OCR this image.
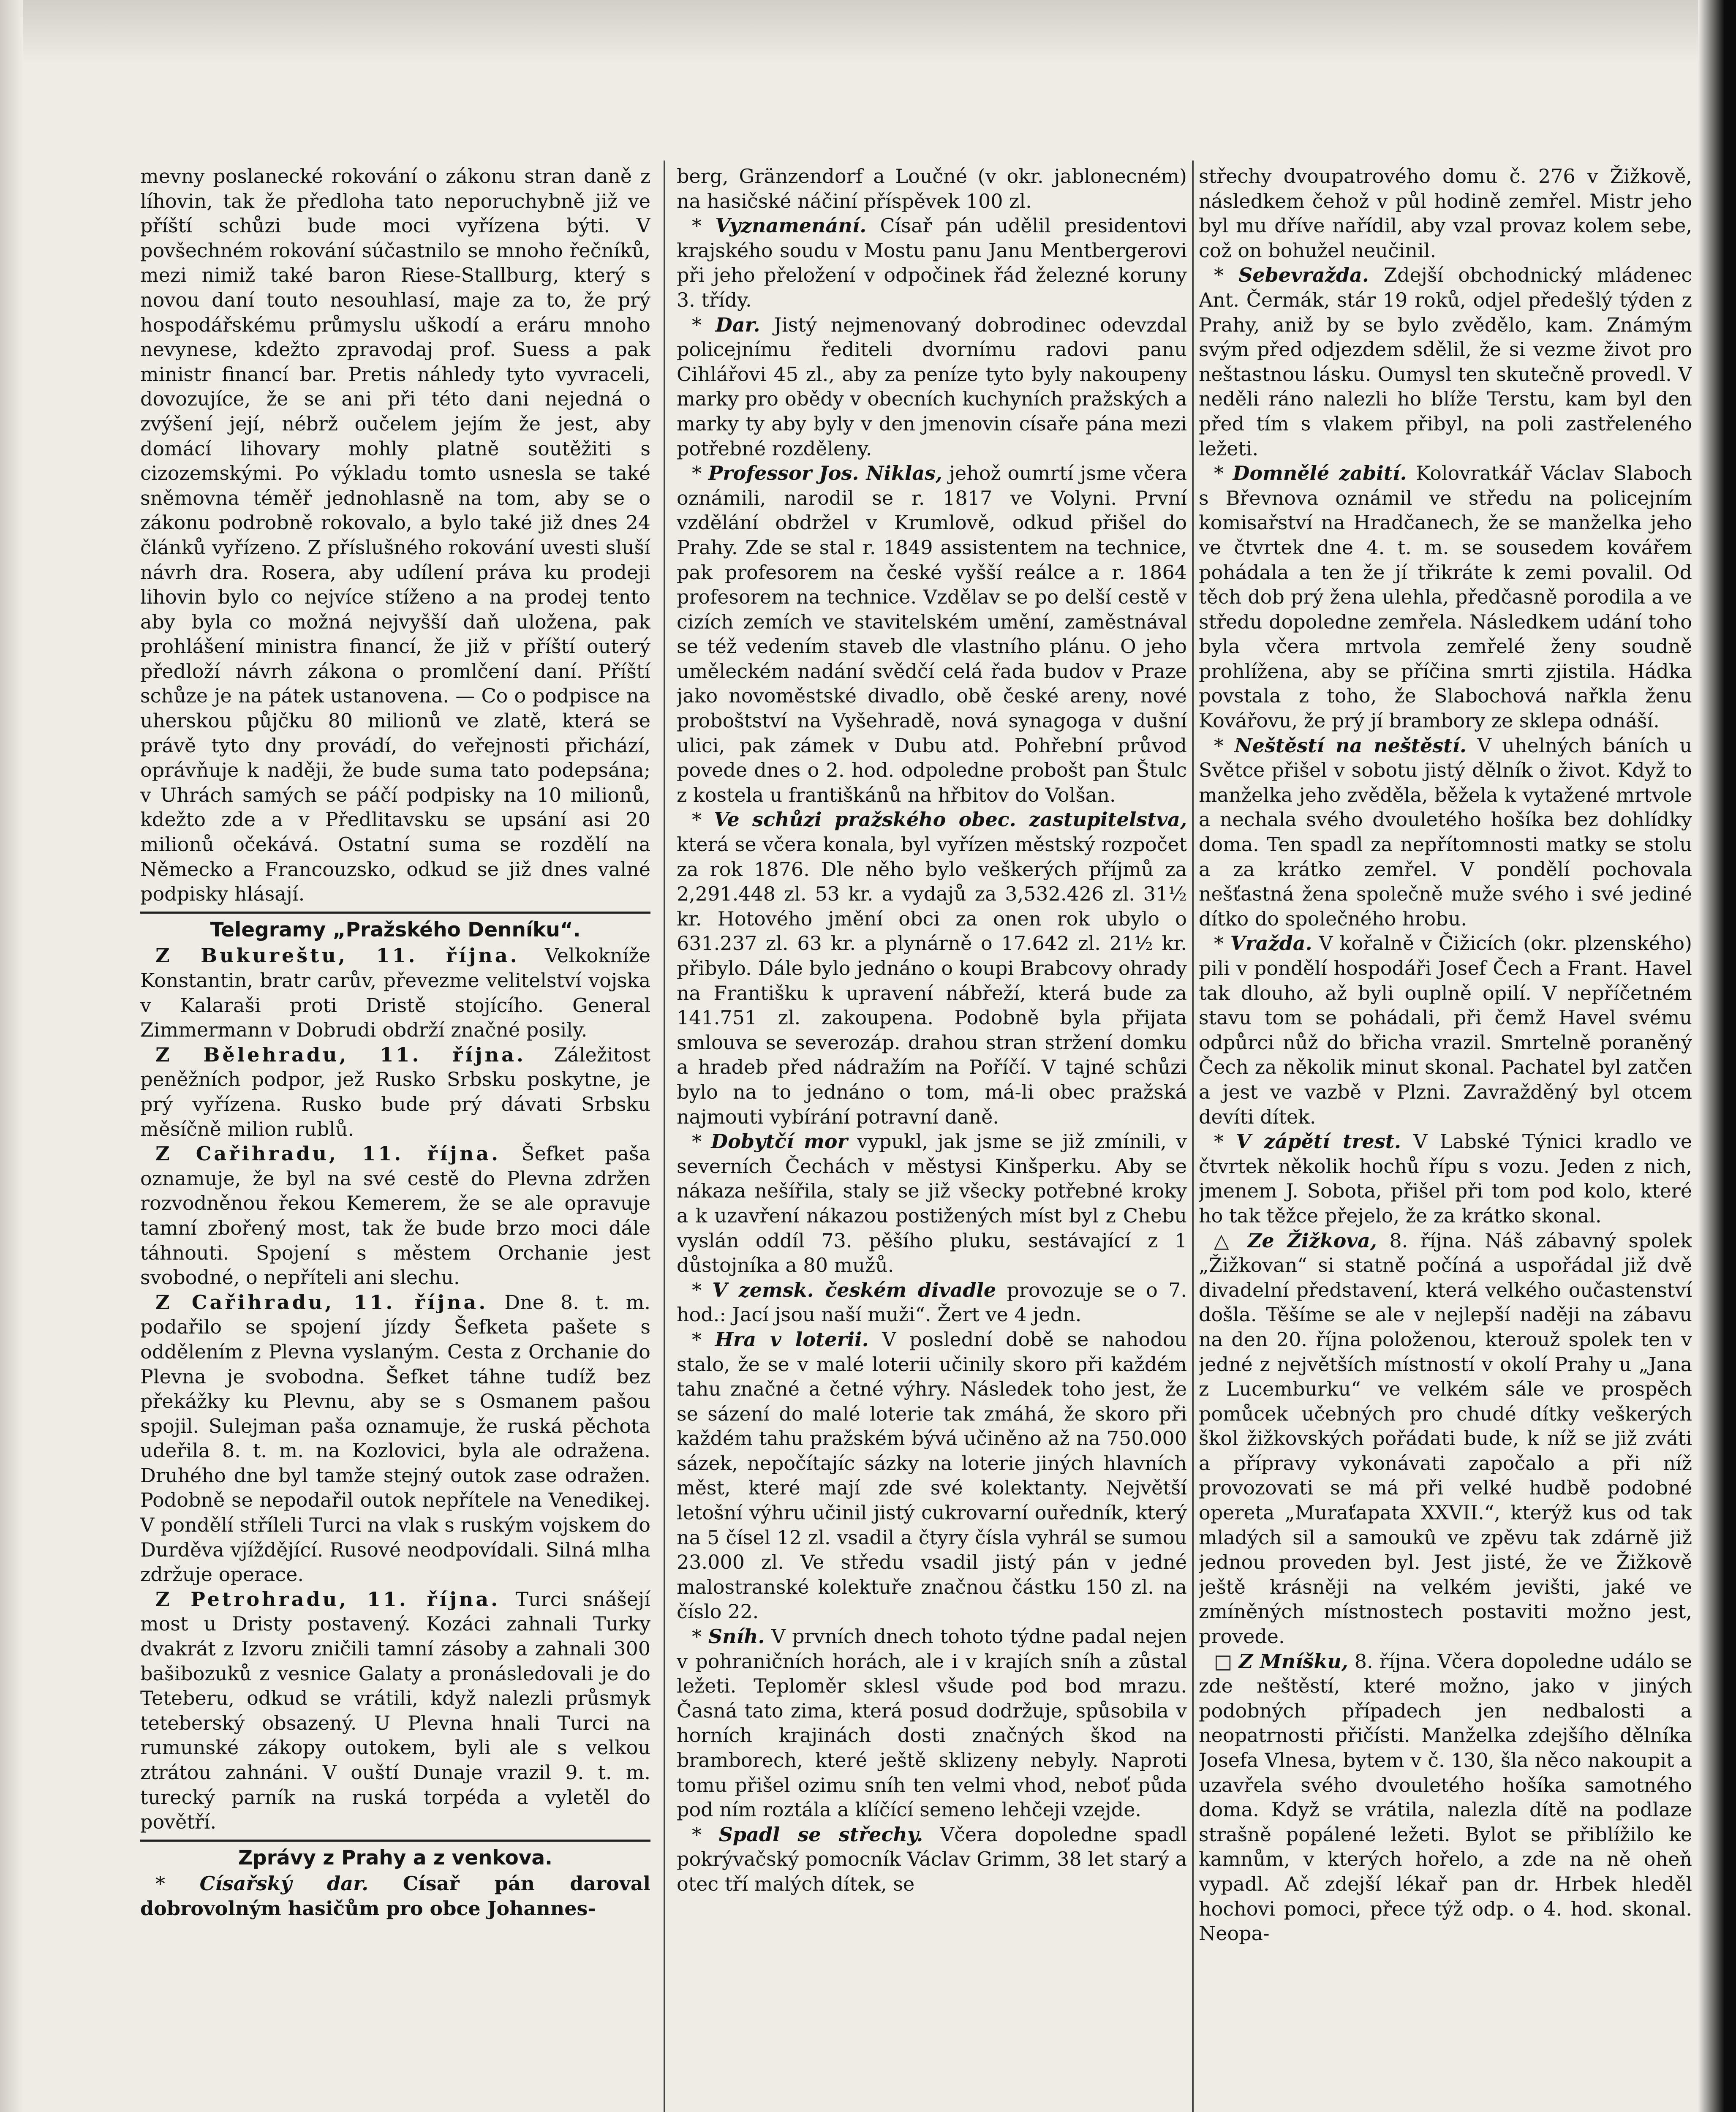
mevny poslanecké rokování o zákonu stran daně z líhovin, tak že předloha tato neporuchybně již ve příští schůzi bude moci vyřízena býti. V povšechném rokování súčastnilo se mnoho řečníků, mezi nimiž také baron Riese-Stallburg, který s novou daní touto nesouhlasí, maje za to, že prý hospodářskému průmyslu uškodí a eráru mnoho nevynese, kdežto zpravodaj prof. Suess a pak ministr financí bar. Pretis náhledy tyto vyvraceli, dovozujíce, že se ani při této dani nejedná o zvýšení její, nébrž oučelem jejím že jest, aby domácí lihovary mohly platně soutěžiti s cizozemskými. Po výkladu tomto usnesla se také sněmovna téměř jednohlasně na tom, aby se o zákonu podrobně rokovalo, a bylo také již dnes 24 článků vyřízeno. Z příslušného rokování uvesti sluší návrh dra. Rosera, aby udílení práva ku prodeji lihovin bylo co nejvíce stíženo a na prodej tento aby byla co možná nejvyšší daň uložena, pak prohlášení ministra financí, že již v příští outerý předloží návrh zákona o promlčení daní. Příští schůze je na pátek ustanovena. — Co o podpisce na uherskou půjčku 80 milionů ve zlatě, která se právě tyto dny provádí, do veřejnosti přichází, oprávňuje k naději, že bude suma tato podepsána; v Uhrách samých se páčí podpisky na 10 milionů, kdežto zde a v Předlitavsku se upsání asi 20 milionů očekává. Ostatní suma se rozdělí na Německo a Francouzsko, odkud se již dnes valné podpisky hlásají.

Telegramy „Pražského Denníku“.

Z Bukureštu, 11. října. Velkokníže Konstantin, bratr carův, převezme velitelství vojska v Kalaraši proti Dristě stojícího. General Zimmermann v Dobrudi obdrží značné posily.

Z Bělehradu, 11. října. Záležitost peněžních podpor, jež Rusko Srbsku poskytne, je prý vyřízena. Rusko bude prý dávati Srbsku měsíčně milion rublů.

Z Cařihradu, 11. října. Šefket paša oznamuje, že byl na své cestě do Plevna zdržen rozvodněnou řekou Kemerem, že se ale opravuje tamní zbořený most, tak že bude brzo moci dále táhnouti. Spojení s městem Orchanie jest svobodné, o nepříteli ani slechu.

Z Cařihradu, 11. října. Dne 8. t. m. podařilo se spojení jízdy Šefketa pašete s oddělením z Plevna vyslaným. Cesta z Orchanie do Plevna je svobodna. Šefket táhne tudíž bez překážky ku Plevnu, aby se s Osmanem pašou spojil. Sulejman paša oznamuje, že ruská pěchota udeřila 8. t. m. na Kozlovici, byla ale odražena. Druhého dne byl tamže stejný outok zase odražen. Podobně se nepodařil outok nepřítele na Venedikej. V pondělí stříleli Turci na vlak s ruským vojskem do Durděva vjíždějící. Rusové neodpovídali. Silná mlha zdržuje operace.

Z Petrohradu, 11. října. Turci snášejí most u Dristy postavený. Kozáci zahnali Turky dvakrát z Izvoru zničili tamní zásoby a zahnali 300 bašibozuků z vesnice Galaty a pronásledovali je do Teteberu, odkud se vrátili, když nalezli průsmyk teteberský obsazený. U Plevna hnali Turci na rumunské zákopy outokem, byli ale s velkou ztrátou zahnáni. V ouští Dunaje vrazil 9. t. m. turecký parník na ruská torpéda a vyletěl do povětří.

Zprávy z Prahy a z venkova.

* Císařský dar. Císař pán daroval dobrovolným hasičům pro obce Johannes-

berg, Gränzendorf a Loučné (v okr. jablonecném) na hasičské náčiní příspěvek 100 zl.

* Vyznamenání. Císař pán udělil presidentovi krajského soudu v Mostu panu Janu Mentbergerovi při jeho přeložení v odpočinek řád železné koruny 3. třídy.

* Dar. Jistý nejmenovaný dobrodinec odevzdal policejnímu řediteli dvornímu radovi panu Cihlářovi 45 zl., aby za peníze tyto byly nakoupeny marky pro obědy v obecních kuchyních pražských a marky ty aby byly v den jmenovin císaře pána mezi potřebné rozděleny.

* Professor Jos. Niklas, jehož oumrtí jsme včera oznámili, narodil se r. 1817 ve Volyni. První vzdělání obdržel v Krumlově, odkud přišel do Prahy. Zde se stal r. 1849 assistentem na technice, pak profesorem na české vyšší reálce a r. 1864 profesorem na technice. Vzdělav se po delší cestě v cizích zemích ve stavitelském umění, zaměstnával se též vedením staveb dle vlastního plánu. O jeho uměleckém nadání svědčí celá řada budov v Praze jako novoměstské divadlo, obě české areny, nové proboštství na Vyšehradě, nová synagoga v dušní ulici, pak zámek v Dubu atd. Pohřební průvod povede dnes o 2. hod. odpoledne probošt pan Štulc z kostela u františkánů na hřbitov do Volšan.

* Ve schůzi pražského obec. zastupitelstva, která se včera konala, byl vyřízen městský rozpočet za rok 1876. Dle něho bylo veškerých příjmů za 2,291.448 zl. 53 kr. a vydajů za 3,532.426 zl. 31½ kr. Hotového jmění obci za onen rok ubylo o 631.237 zl. 63 kr. a plynárně o 17.642 zl. 21½ kr. přibylo. Dále bylo jednáno o koupi Brabcovy ohrady na Františku k upravení nábřeží, která bude za 141.751 zl. zakoupena. Podobně byla přijata smlouva se severozáp. drahou stran stržení domku a hradeb před nádražím na Poříčí. V tajné schůzi bylo na to jednáno o tom, má-li obec pražská najmouti vybírání potravní daně.

* Dobytčí mor vypukl, jak jsme se již zmínili, v severních Čechách v městysi Kinšperku. Aby se nákaza nešířila, staly se již všecky potřebné kroky a k uzavření nákazou postižených míst byl z Chebu vyslán oddíl 73. pěšího pluku, sestávající z 1 důstojníka a 80 mužů.

* V zemsk. českém divadle provozuje se o 7. hod.: Jací jsou naší muži“. Žert ve 4 jedn.

* Hra v loterii. V poslední době se nahodou stalo, že se v malé loterii učinily skoro při každém tahu značné a četné výhry. Následek toho jest, že se sázení do malé loterie tak zmáhá, že skoro při každém tahu pražském bývá učiněno až na 750.000 sázek, nepočítajíc sázky na loterie jiných hlavních měst, které mají zde své kolektanty. Největší letošní výhru učinil jistý cukrovarní ouředník, který na 5 čísel 12 zl. vsadil a čtyry čísla vyhrál se sumou 23.000 zl. Ve středu vsadil jistý pán v jedné malostranské kolektuře značnou částku 150 zl. na číslo 22.

* Sníh. V prvních dnech tohoto týdne padal nejen v pohraničních horách, ale i v krajích sníh a zůstal ležeti. Teploměr sklesl všude pod bod mrazu. Časná tato zima, která posud dodržuje, spůsobila v horních krajinách dosti značných škod na bramborech, které ještě sklizeny nebyly. Naproti tomu přišel ozimu sníh ten velmi vhod, neboť půda pod ním roztála a klíčící semeno lehčeji vzejde.

* Spadl se střechy. Včera dopoledne spadl pokrývačský pomocník Václav Grimm, 38 let starý a otec tří malých dítek, se

střechy dvoupatrového domu č. 276 v Žižkově, následkem čehož v půl hodině zemřel. Mistr jeho byl mu dříve nařídil, aby vzal provaz kolem sebe, což on bohužel neučinil.

* Sebevražda. Zdejší obchodnický mládenec Ant. Čermák, stár 19 roků, odjel předešlý týden z Prahy, aniž by se bylo zvědělo, kam. Známým svým před odjezdem sdělil, že si vezme život pro neštastnou lásku. Oumysl ten skutečně provedl. V neděli ráno nalezli ho blíže Terstu, kam byl den před tím s vlakem přibyl, na poli zastřeleného ležeti.

* Domnělé zabití. Kolovratkář Václav Slaboch s Břevnova oznámil ve středu na policejním komisařství na Hradčanech, že se manželka jeho ve čtvrtek dne 4. t. m. se sousedem kovářem pohádala a ten že jí třikráte k zemi povalil. Od těch dob prý žena ulehla, předčasně porodila a ve středu dopoledne zemřela. Následkem udání toho byla včera mrtvola zemřelé ženy soudně prohlížena, aby se příčina smrti zjistila. Hádka povstala z toho, že Slabochová nařkla ženu Kovářovu, že prý jí brambory ze sklepa odnáší.

* Neštěstí na neštěstí. V uhelných báních u Světce přišel v sobotu jistý dělník o život. Když to manželka jeho zvěděla, běžela k vytažené mrtvole a nechala svého dvouletého hošíka bez dohlídky doma. Ten spadl za nepřítomnosti matky se stolu a za krátko zemřel. V pondělí pochovala nešťastná žena společně muže svého i své jediné dítko do společného hrobu.

* Vražda. V kořalně v Čižicích (okr. plzenského) pili v pondělí hospodáři Josef Čech a Frant. Havel tak dlouho, až byli ouplně opilí. V nepříčetném stavu tom se pohádali, při čemž Havel svému odpůrci nůž do břicha vrazil. Smrtelně poraněný Čech za několik minut skonal. Pachatel byl zatčen a jest ve vazbě v Plzni. Zavražděný byl otcem devíti dítek.

* V zápětí trest. V Labské Týnici kradlo ve čtvrtek několik hochů řípu s vozu. Jeden z nich, jmenem J. Sobota, přišel při tom pod kolo, které ho tak těžce přejelo, že za krátko skonal.

△ Ze Žižkova, 8. října. Náš zábavný spolek „Žižkovan“ si statně počíná a uspořádal již dvě divadelní představení, která velkého oučastenství došla. Těšíme se ale v nejlepší naději na zábavu na den 20. října položenou, kterouž spolek ten v jedné z největších místností v okolí Prahy u „Jana z Lucemburku“ ve velkém sále ve prospěch pomůcek učebných pro chudé dítky veškerých škol žižkovských pořádati bude, k níž se již zváti a přípravy vykonávati započalo a při níž provozovati se má při velké hudbě podobné opereta „Muraťapata XXVII.“, kterýž kus od tak mladých sil a samoukû ve zpěvu tak zdárně již jednou proveden byl. Jest jisté, že ve Žižkově ještě krásněji na velkém jevišti, jaké ve zmíněných místnostech postaviti možno jest, provede.

□ Z Mníšku, 8. října. Včera dopoledne událo se zde neštěstí, které možno, jako v jiných podobných případech jen nedbalosti a neopatrnosti přičísti. Manželka zdejšího dělníka Josefa Vlnesa, bytem v č. 130, šla něco nakoupit a uzavřela svého dvouletého hošíka samotného doma. Když se vrátila, nalezla dítě na podlaze strašně popálené ležeti. Bylot se přiblížilo ke kamnům, v kterých hořelo, a zde na ně oheň vypadl. Ač zdejší lékař pan dr. Hrbek hleděl hochovi pomoci, přece týž odp. o 4. hod. skonal. Neopa-
